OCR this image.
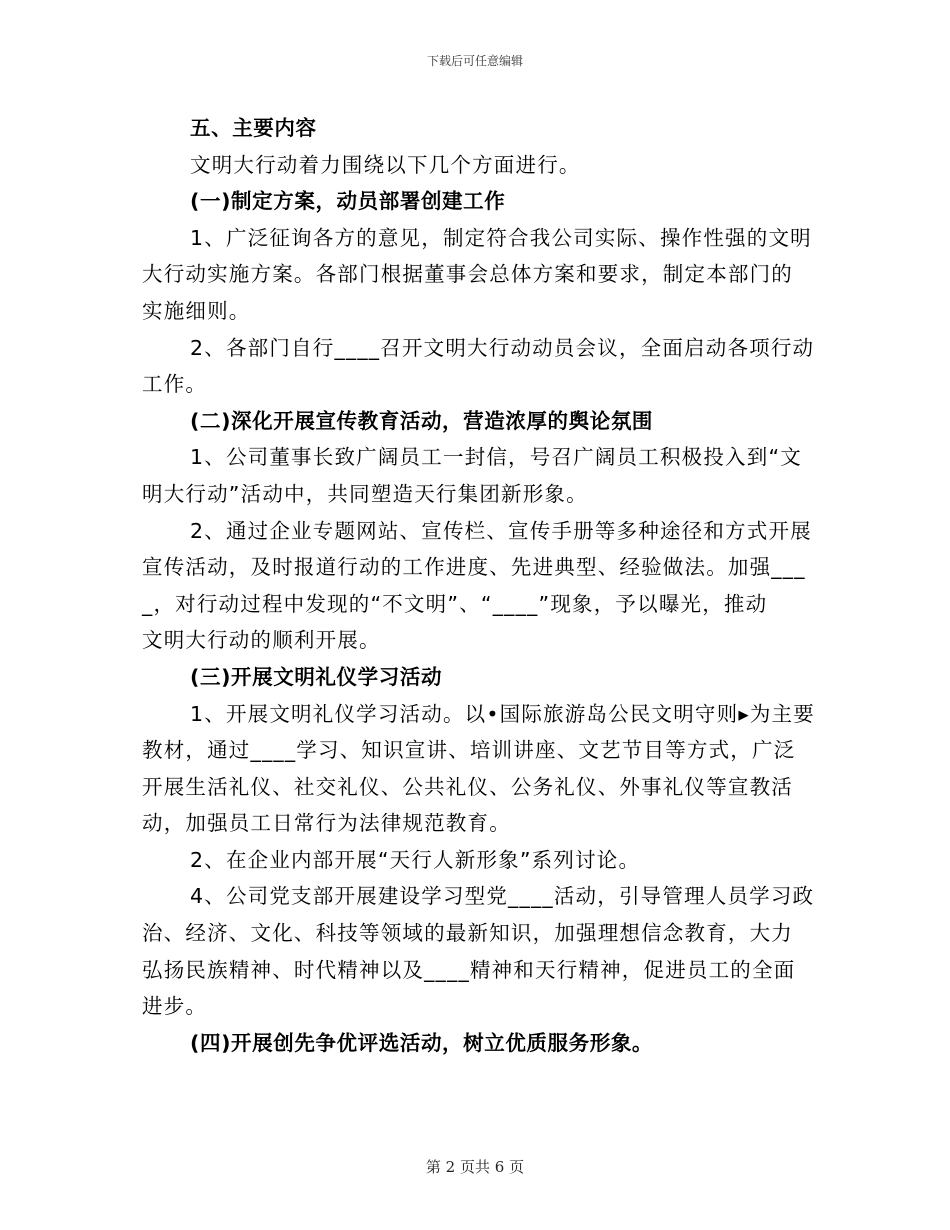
下载后可任意编辑
五、主要内容
文明大行动着力围绕以下几个方面进行。
(一)制定方案，动员部署创建工作
1、广泛征询各方的意见，制定符合我公司实际、操作性强的文明
大行动实施方案。各部门根据董事会总体方案和要求，制定本部门的
实施细则。
2、各部门自行____召开文明大行动动员会议，全面启动各项行动
工作。
(二)深化开展宣传教育活动，营造浓厚的舆论氛围
1、公司董事长致广阔员工一封信，号召广阔员工积极投入到“文
明大行动”活动中，共同塑造天行集团新形象。
2、通过企业专题网站、宣传栏、宣传手册等多种途径和方式开展
宣传活动，及时报道行动的工作进度、先进典型、经验做法。加强___
_，对行动过程中发现的“不文明”、“____”现象，予以曝光，推动
文明大行动的顺利开展。
(三)开展文明礼仪学习活动
1、开展文明礼仪学习活动。以•国际旅游岛公民文明守则▸为主要
教材，通过____学习、知识宣讲、培训讲座、文艺节目等方式，广泛
开展生活礼仪、社交礼仪、公共礼仪、公务礼仪、外事礼仪等宣教活
动，加强员工日常行为法律规范教育。
2、在企业内部开展“天行人新形象”系列讨论。
4、公司党支部开展建设学习型党____活动，引导管理人员学习政
治、经济、文化、科技等领域的最新知识，加强理想信念教育，大力
弘扬民族精神、时代精神以及____精神和天行精神，促进员工的全面
进步。
(四)开展创先争优评选活动，树立优质服务形象。
第 2 页共 6 页
